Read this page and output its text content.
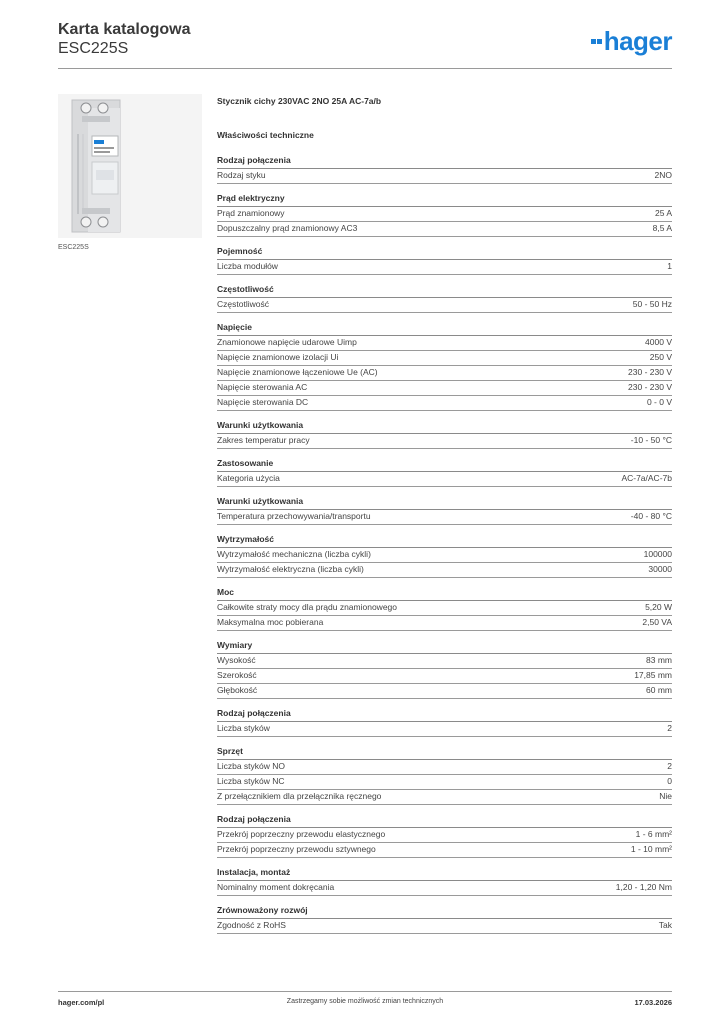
Karta katalogowa
ESC225S	hager
ESC225S
Stycznik cichy 230VAC 2NO 25A AC-7a/b
Właściwości techniczne
Rodzaj połączenia
Rodzaj styku	2NO
Prąd elektryczny
Prąd znamionowy	25 A
Dopuszczalny prąd znamionowy AC3	8,5 A
Pojemność
Liczba modułów	1
Częstotliwość
Częstotliwość	50 - 50 Hz
Napięcie
Znamionowe napięcie udarowe Uimp	4000 V
Napięcie znamionowe izolacji Ui	250 V
Napięcie znamionowe łączeniowe Ue (AC)	230 - 230 V
Napięcie sterowania AC	230 - 230 V
Napięcie sterowania DC	0 - 0 V
Warunki użytkowania
Zakres temperatur pracy	-10 - 50 °C
Zastosowanie
Kategoria użycia	AC-7a/AC-7b
Warunki użytkowania
Temperatura przechowywania/transportu	-40 - 80 °C
Wytrzymałość
Wytrzymałość mechaniczna (liczba cykli)	100000
Wytrzymałość elektryczna (liczba cykli)	30000
Moc
Całkowite straty mocy dla prądu znamionowego	5,20 W
Maksymalna moc pobierana	2,50 VA
Wymiary
Wysokość	83 mm
Szerokość	17,85 mm
Głębokość	60 mm
Rodzaj połączenia
Liczba styków	2
Sprzęt
Liczba styków NO	2
Liczba styków NC	0
Z przełącznikiem dla przełącznika ręcznego	Nie
Rodzaj połączenia
Przekrój poprzeczny przewodu elastycznego	1 - 6 mm²
Przekrój poprzeczny przewodu sztywnego	1 - 10 mm²
Instalacja, montaż
Nominalny moment dokręcania	1,20 - 1,20 Nm
Zrównoważony rozwój
Zgodność z RoHS	Tak
hager.com/pl	Zastrzegamy sobie możliwość zmian technicznych	17.03.2026
